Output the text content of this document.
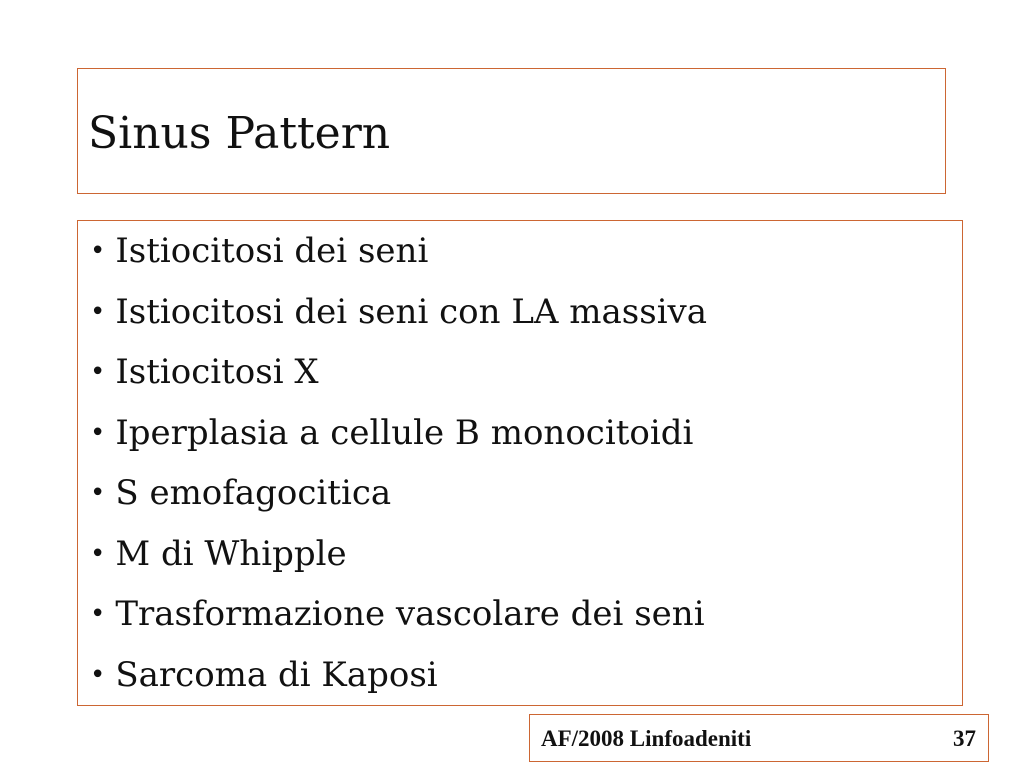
Sinus Pattern
• Istiocitosi dei seni
• Istiocitosi dei seni con LA massiva
• Istiocitosi X
• Iperplasia a cellule B monocitoidi
• S emofagocitica
• M di Whipple
• Trasformazione vascolare dei seni
• Sarcoma di Kaposi
AF/2008 Linfoadeniti	37
